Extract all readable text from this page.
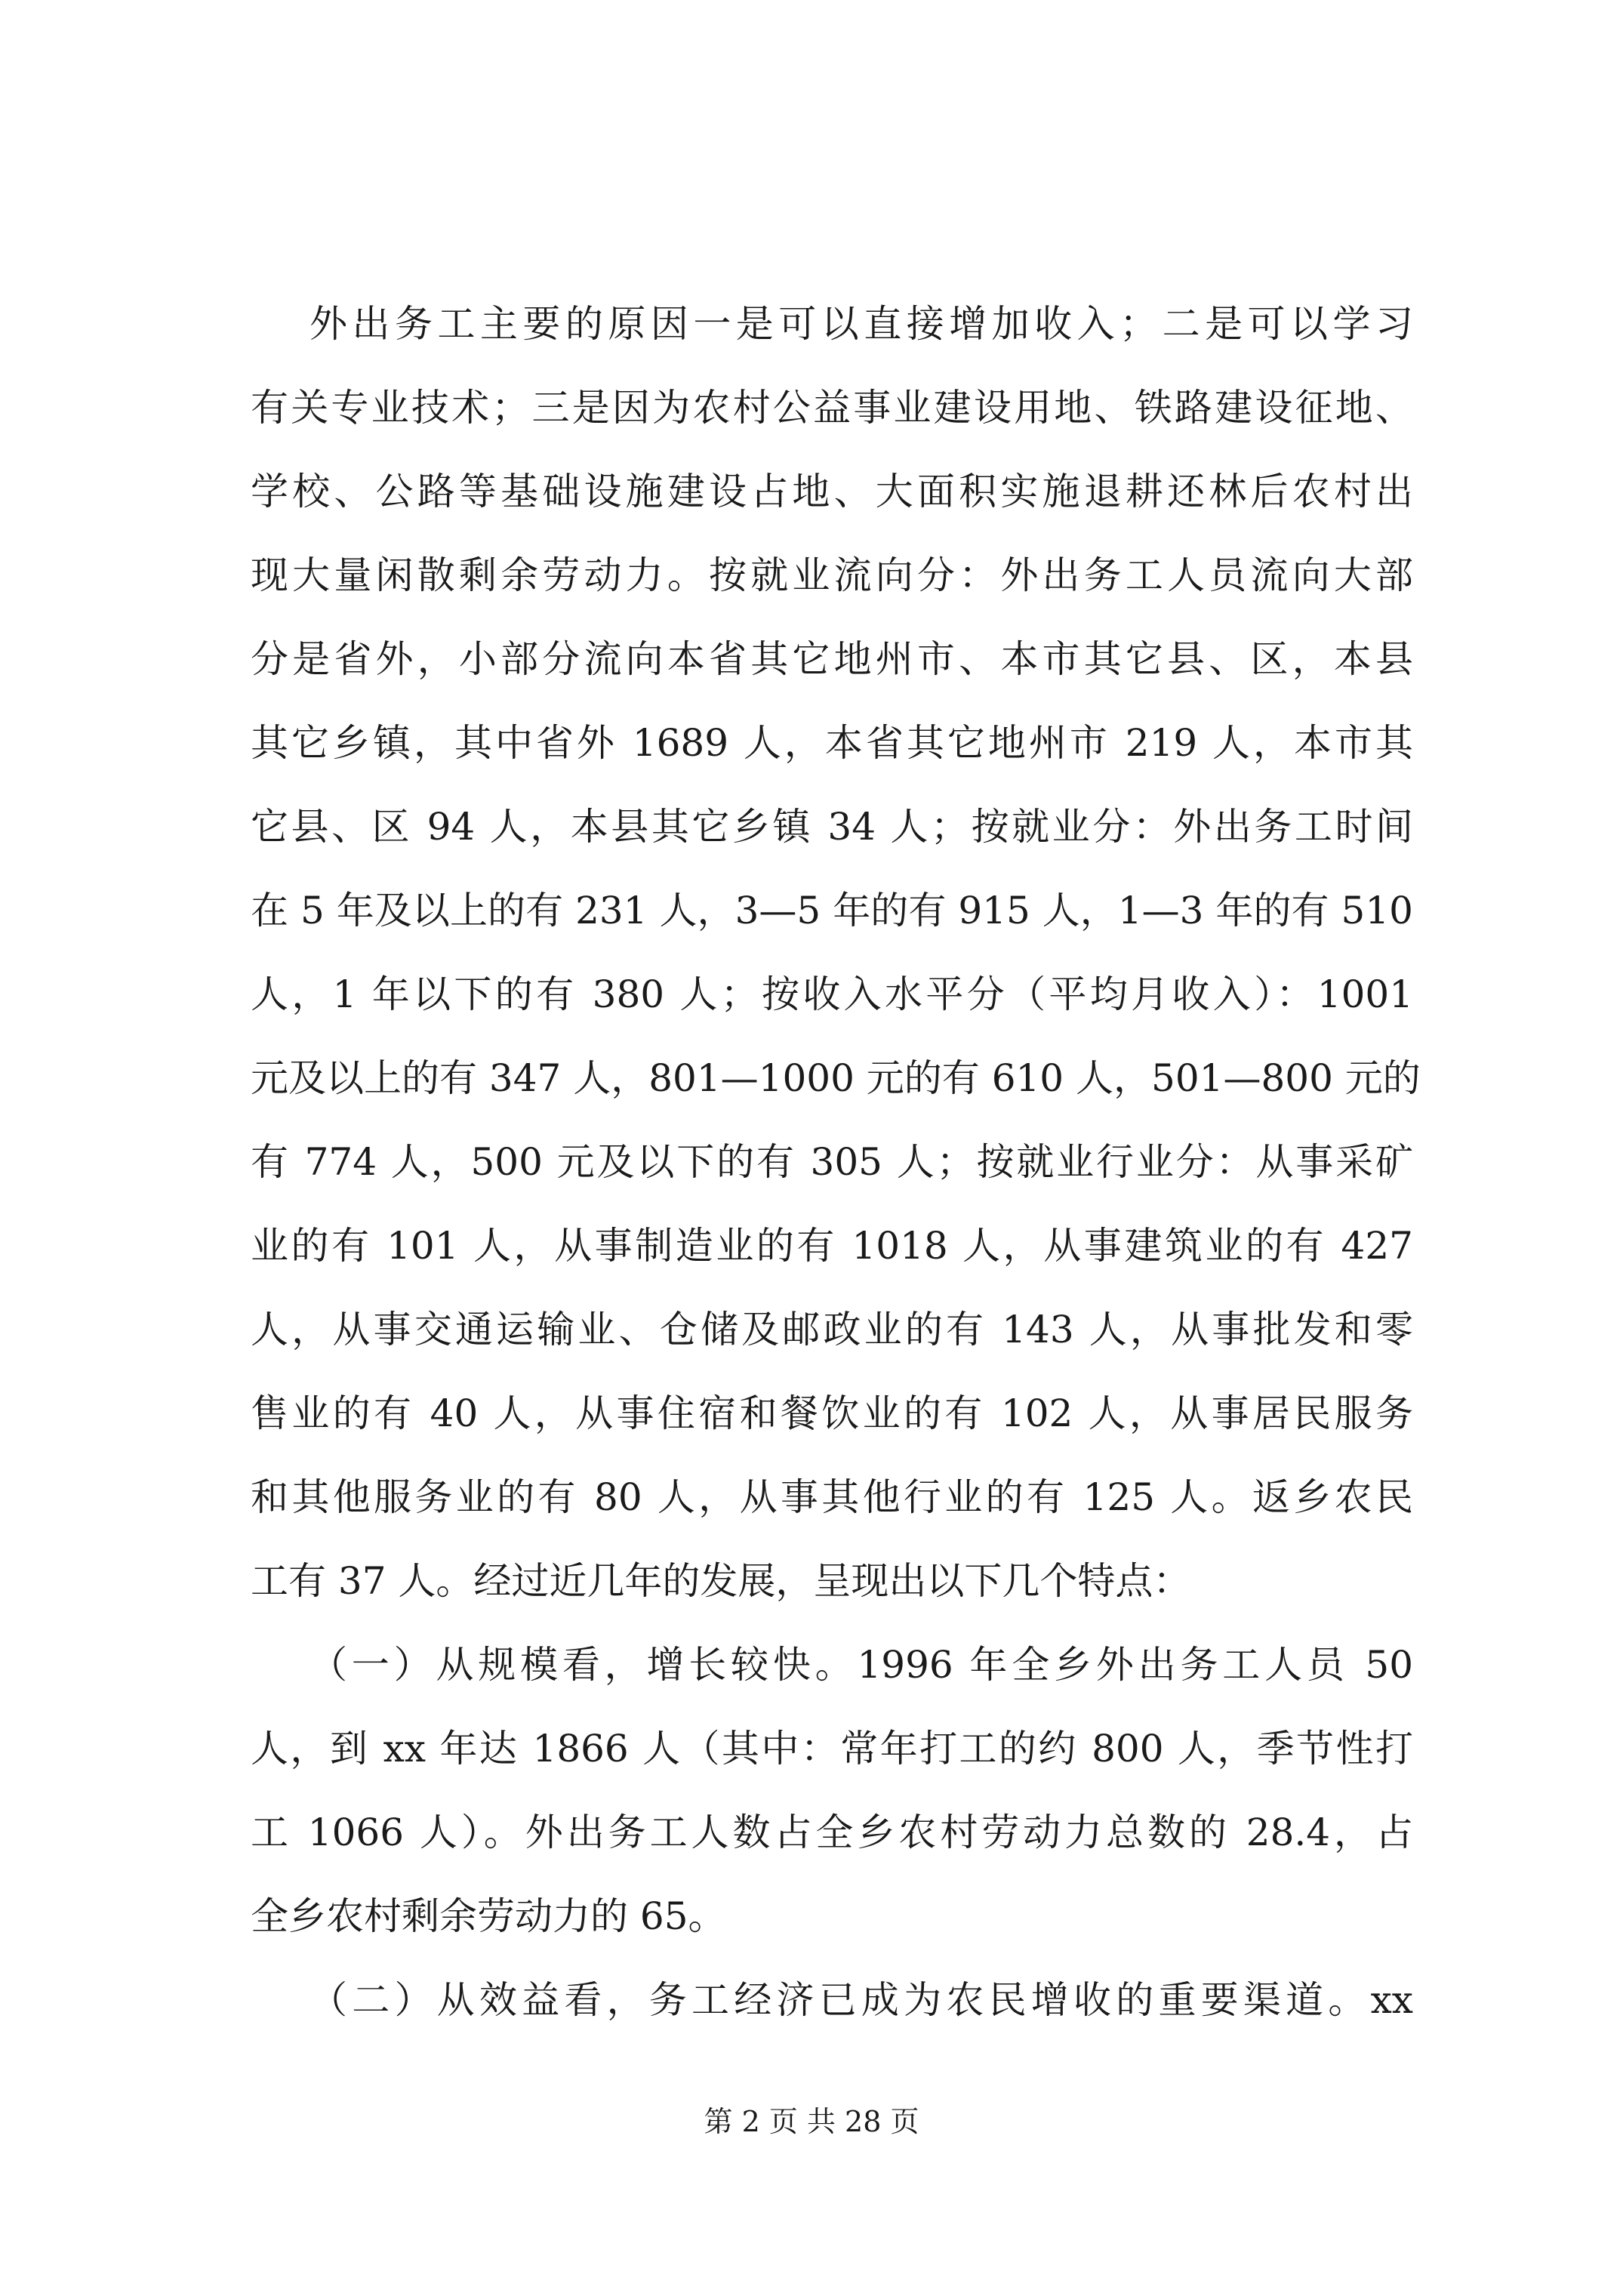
外出务工主要的原因一是可以直接增加收入；二是可以学习
有关专业技术；三是因为农村公益事业建设用地、铁路建设征地、
学校、公路等基础设施建设占地、大面积实施退耕还林后农村出
现大量闲散剩余劳动力。按就业流向分：外出务工人员流向大部
分是省外，小部分流向本省其它地州市、本市其它县、区，本县
其它乡镇，其中省外 1689 人，本省其它地州市 219 人，本市其
它县、区 94 人，本县其它乡镇 34 人；按就业分：外出务工时间
在 5 年及以上的有 231 人，3—5 年的有 915 人，1—3 年的有 510
人，1 年以下的有 380 人；按收入水平分（平均月收入）：1001
元及以上的有 347 人，801—1000 元的有 610 人，501—800 元的
有 774 人，500 元及以下的有 305 人；按就业行业分：从事采矿
业的有 101 人，从事制造业的有 1018 人，从事建筑业的有 427
人，从事交通运输业、仓储及邮政业的有 143 人，从事批发和零
售业的有 40 人，从事住宿和餐饮业的有 102 人，从事居民服务
和其他服务业的有 80 人，从事其他行业的有 125 人。返乡农民
工有 37 人。经过近几年的发展，呈现出以下几个特点：
（一）从规模看，增长较快。1996 年全乡外出务工人员 50
人，到 xx 年达 1866 人（其中：常年打工的约 800 人，季节性打
工 1066 人）。外出务工人数占全乡农村劳动力总数的 28.4，占
全乡农村剩余劳动力的 65。
（二）从效益看，务工经济已成为农民增收的重要渠道。xx
第 2 页 共 28 页
